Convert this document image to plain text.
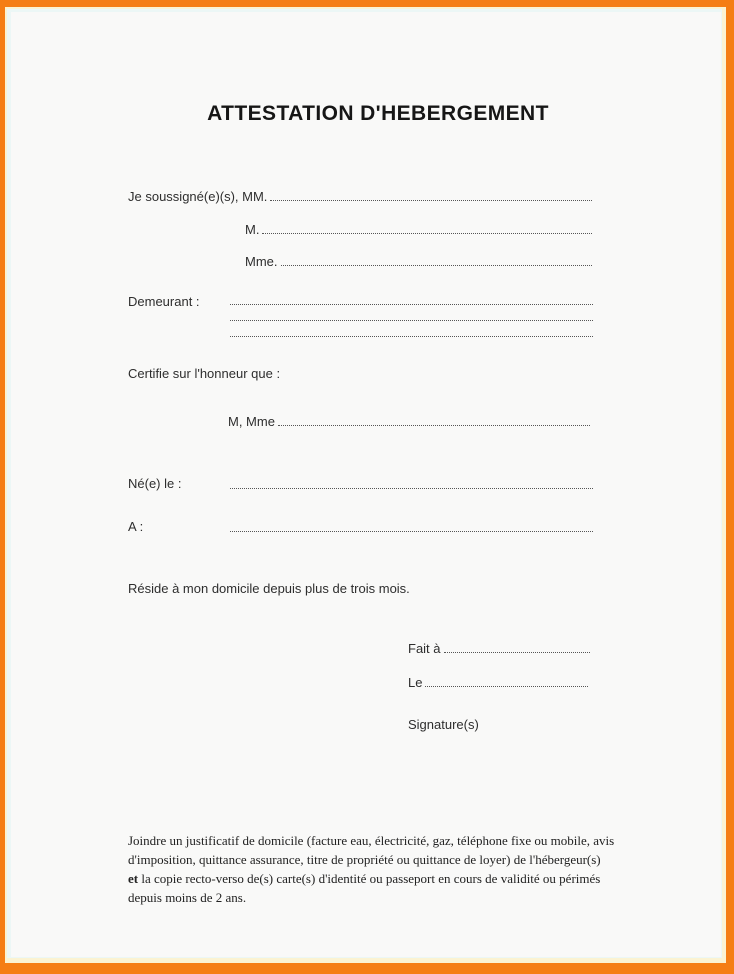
ATTESTATION D'HEBERGEMENT
Je soussigné(e)(s), MM.
M.
Mme.
Demeurant :
Certifie sur l'honneur que :
M, Mme
Né(e) le :
A :
Réside à mon domicile depuis plus de trois mois.
Fait à
Le
Signature(s)
Joindre un justificatif de domicile (facture eau, électricité, gaz, téléphone fixe ou mobile, avis
d'imposition, quittance assurance, titre de propriété ou quittance de loyer) de l'hébergeur(s)
et la copie recto-verso de(s) carte(s) d'identité ou passeport en cours de validité ou périmés
depuis moins de 2 ans.
